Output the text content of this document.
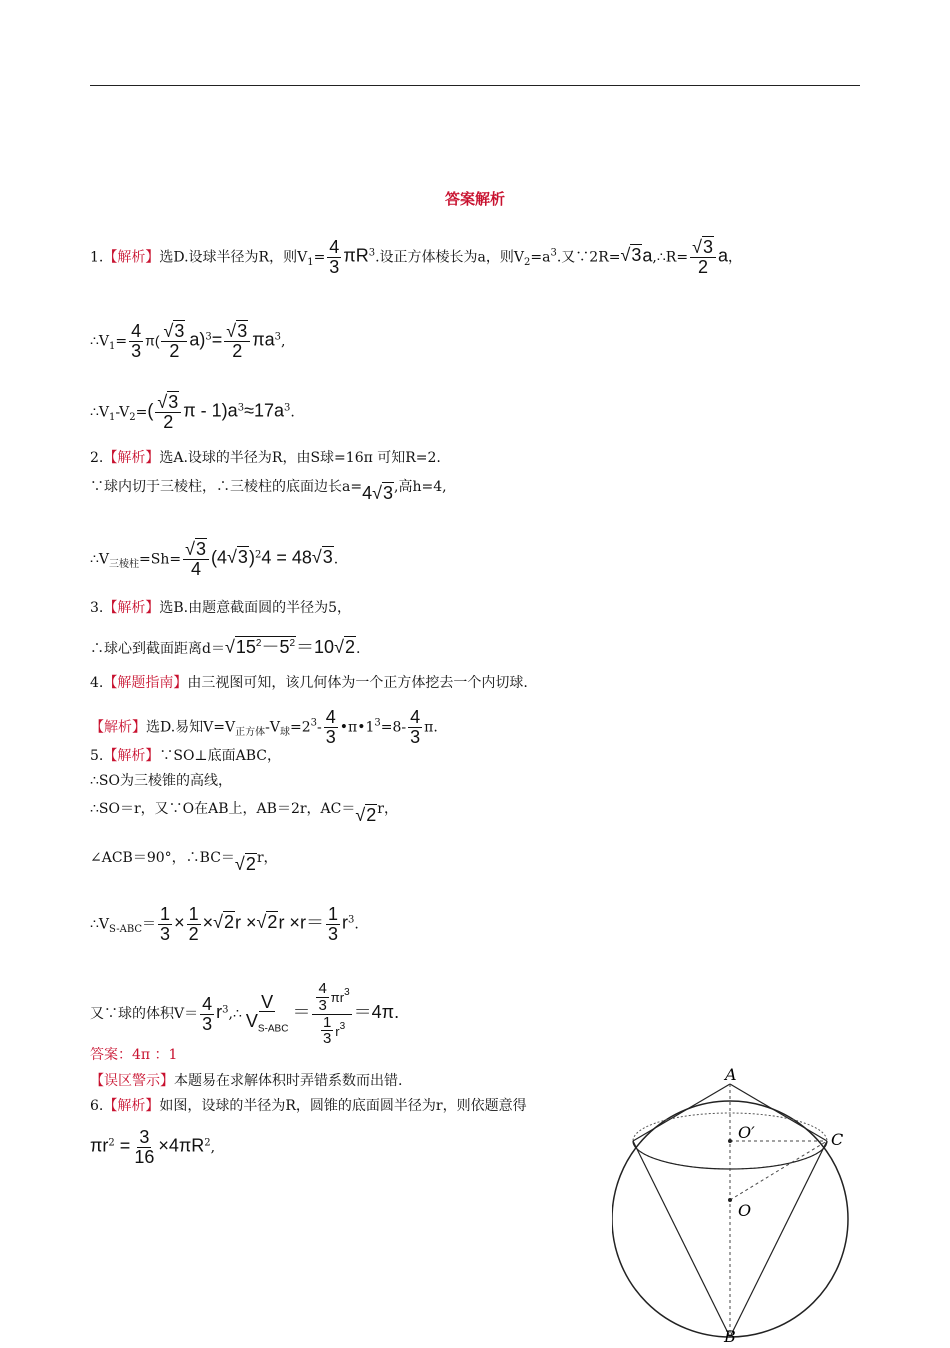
答案解析
1.【解析】选D.设球半径为R，则$V_1= \frac{4}{3} \pi R^3$.设正方体棱长为a，则$V_2=a^3$.又∵2R=√3a,∴R= $\frac{√3}{2}$ a，
$\therefore V_1= \frac{4}{3} \pi( \frac{√3}{2} a)^3= \frac{√3}{2} \pi a^3$,
$\therefore V_1-V_2=( \frac{√3}{2}$ $\pi - 1)a^3\approx 17a^3$.
2.【解析】选A.设球的半径为R，由S球=16π 可知R=2.
∵球内切于三棱柱，∴三棱柱的底面边长a=4√3,高h=4,
$\therefore V_{三棱柱}=Sh= \frac{√3}{4} (4√3)^24 = 48√3$.
3.【解析】选B.由题意截面圆的半径为5，
∴球心到截面距离$d=√15^2-5^2=10√2$.
4.【解题指南】由三视图可知，该几何体为一个正方体挖去一个内切球.
【解析】选D.易知$V=V_{正方体}-V_球=2^3- \frac{4}{3}$ $•\pi•1^3=8- \frac{4}{3} \pi$.
5.【解析】∵SO⊥底面ABC，
∴SO为三棱锥的高线，
∴SO＝r，又∵O在AB上，AB＝2r，AC＝√2r，
∠ACB＝90°，∴BC＝√2r，
$\therefore V_{S-ABC}= \frac{1}{3} \times \frac{1}{2} \times√2r \times√2r \times r= \frac{1}{3} r^3$.
又∵球的体积$V= \frac{4}{3}$ $r^3,\therefore \frac{V}{V_{S-ABC}} = \frac{\frac{4}{3} \pi r^3}{\frac{1}{3} r^3} =4\pi$.
答案：4π ：1
【误区警示】本题易在求解体积时弄错系数而出错.
6.【解析】如图，设球的半径为R，圆锥的底面圆半径为r，则依题意得
$\pi r^2 = \frac{3}{16} \times 4\pi R^2$,
A
B
C
O
O′
